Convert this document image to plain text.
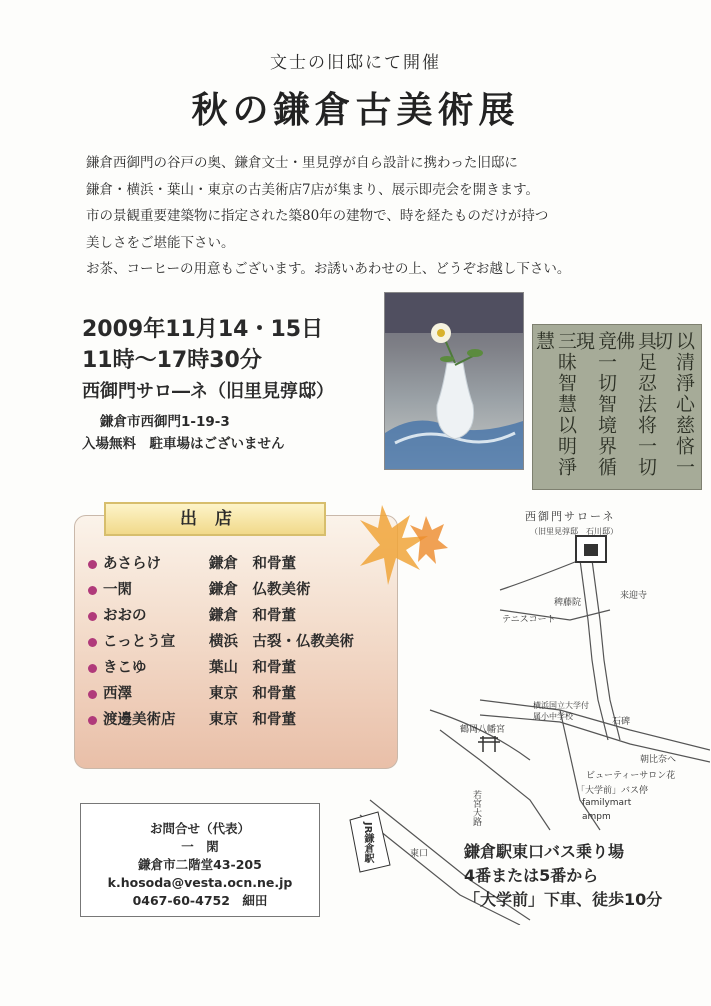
文士の旧邸にて開催
秋の鎌倉古美術展
鎌倉西御門の谷戸の奥、鎌倉文士・里見弴が自ら設計に携わった旧邸に
鎌倉・横浜・葉山・東京の古美術店7店が集まり、展示即売会を開きます。
市の景観重要建築物に指定された築80年の建物で、時を経たものだけが持つ
美しさをご堪能下さい。
お茶、コーヒーの用意もございます。お誘いあわせの上、どうぞお越し下さい。
2009年11月14・15日
11時～17時30分
西御門サロ―ネ（旧里見弴邸）
鎌倉市西御門1-19-3
入場無料　駐車場はございません	以清淨心慈悋一切
具足忍法将一切佛
竟一切智境界循現
三昧智慧以明淨慧
出店
あさらけ	鎌倉　 和骨董
一閑	鎌倉　 仏教美術
おおの	鎌倉　 和骨董
こっとう宣 横浜　 古裂・仏教美術
きこゆ	葉山　 和骨董
西澤	東京　 和骨董
渡邊美術店 東京　 和骨董
西御門サローネ
（旧里見弴邸　石川邸）
来迎寺
稗藤院
テニスコート
横浜国立大学付属小中学校
石碑
鶴岡八幡宮
若宮大路
朝比奈へ
ビューティーサロン花
「大学前」バス停
familymart
ampm
東口
JR鎌倉駅
お問合せ（代表）
一　閑
鎌倉市二階堂43-205
k.hosoda@vesta.ocn.ne.jp
0467-60-4752　細田
鎌倉駅東口バス乗り場
4番または5番から
「大学前」下車、徒歩10分
